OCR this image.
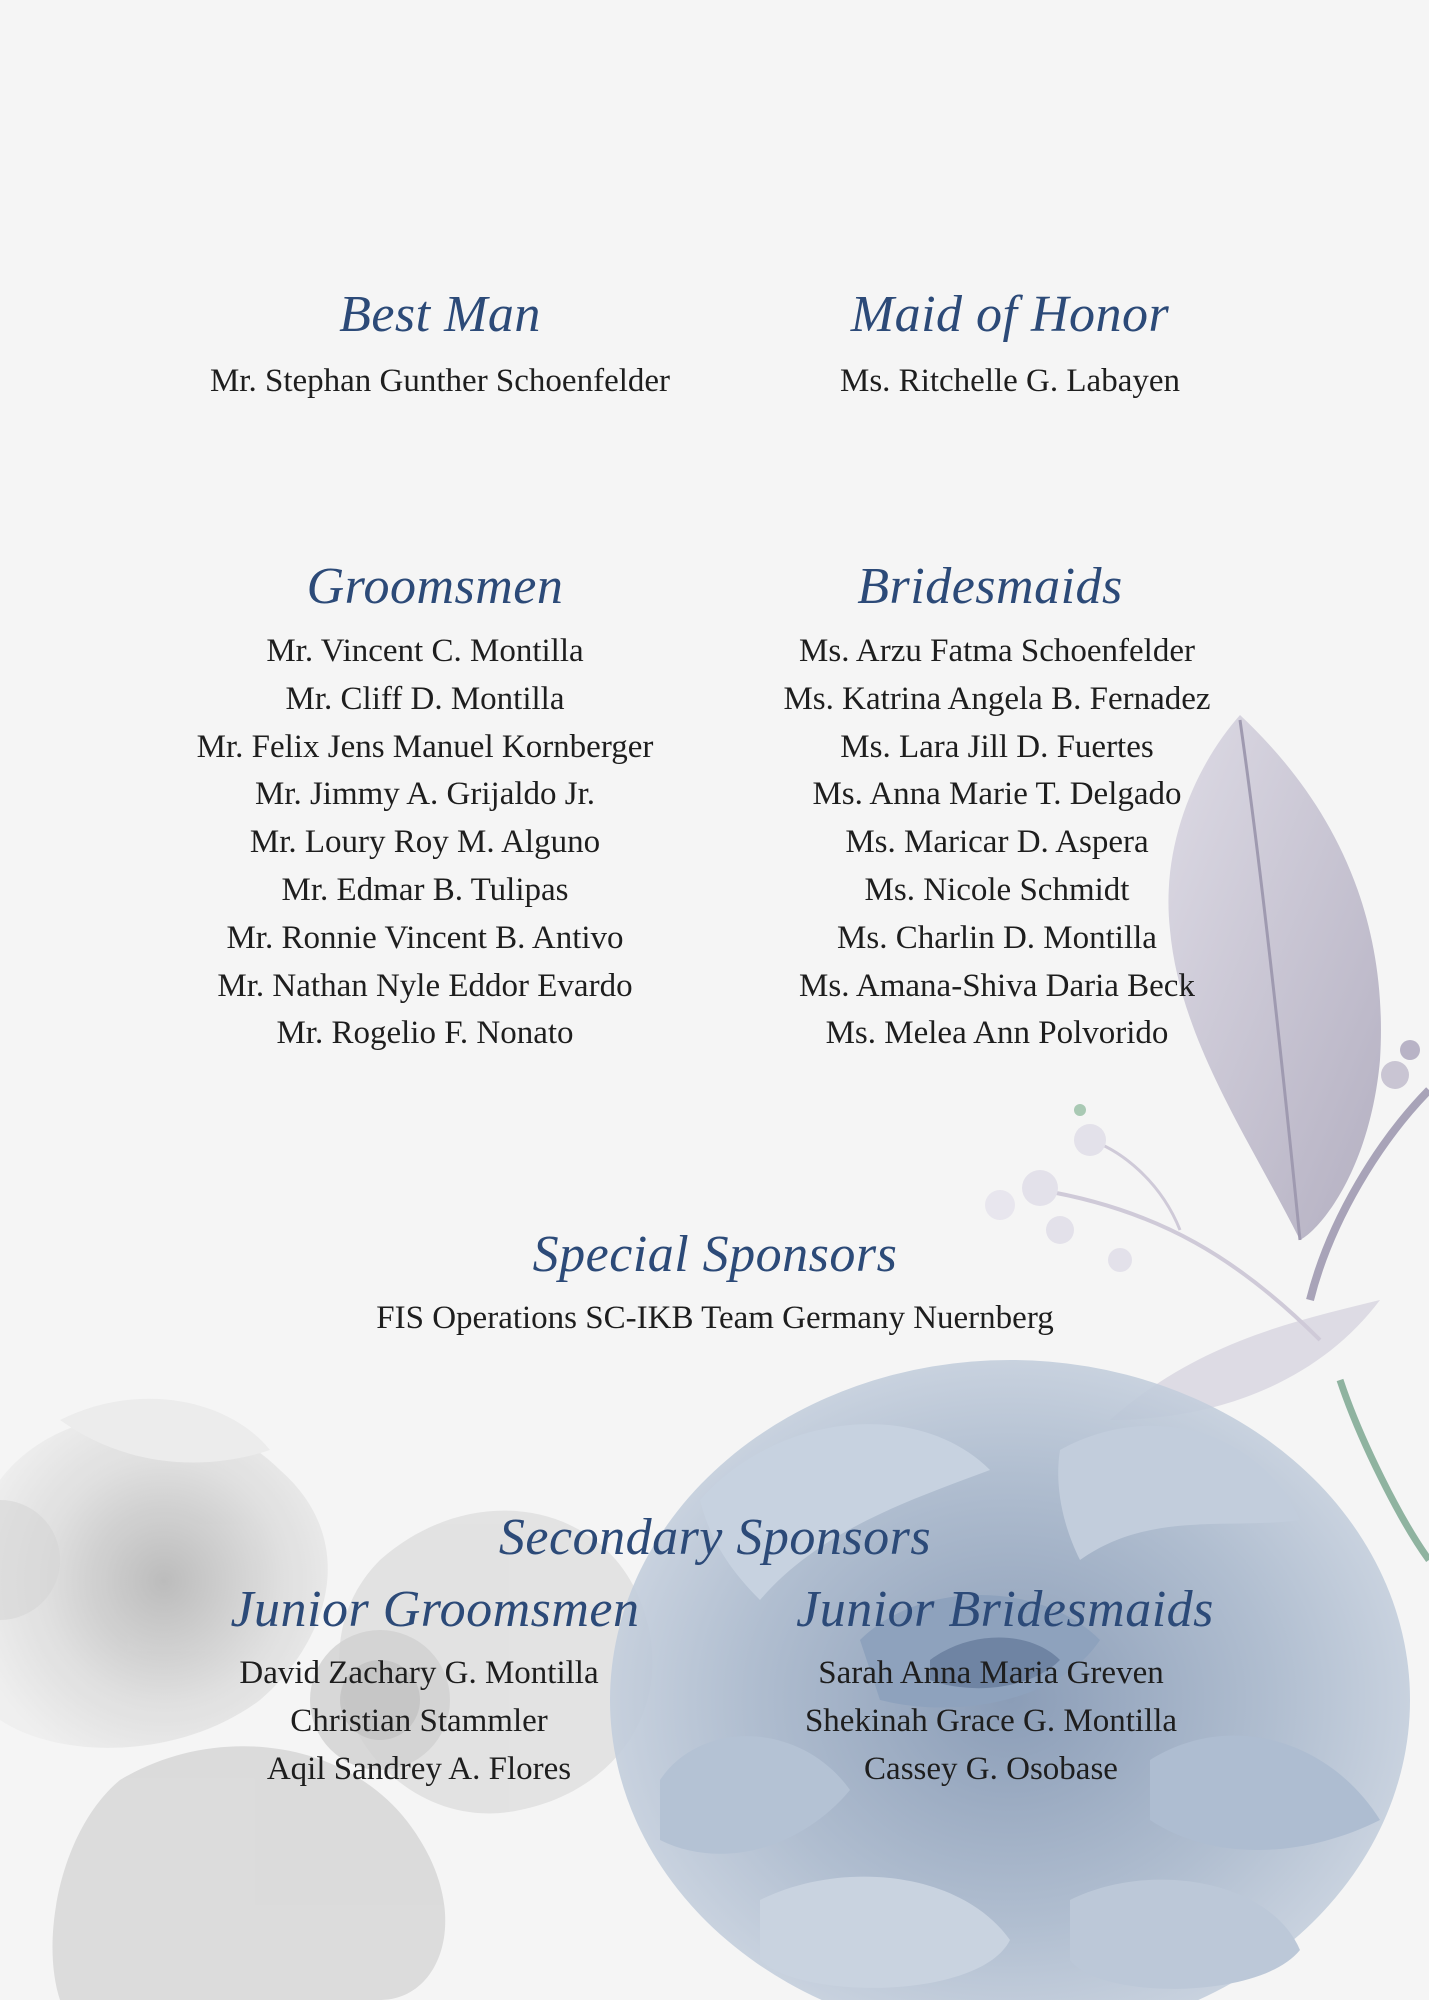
Best Man
Mr. Stephan Gunther Schoenfelder
Maid of Honor
Ms. Ritchelle G. Labayen
Groomsmen
Mr. Vincent C. Montilla
Mr. Cliff D. Montilla
Mr. Felix Jens Manuel Kornberger
Mr. Jimmy A. Grijaldo Jr.
Mr. Loury Roy M. Alguno
Mr. Edmar B. Tulipas
Mr. Ronnie Vincent B. Antivo
Mr. Nathan Nyle Eddor Evardo
Mr. Rogelio F. Nonato
Bridesmaids
Ms. Arzu Fatma Schoenfelder
Ms. Katrina Angela B. Fernadez
Ms. Lara Jill D. Fuertes
Ms. Anna Marie T. Delgado
Ms. Maricar D. Aspera
Ms. Nicole Schmidt
Ms. Charlin D. Montilla
Ms. Amana-Shiva Daria Beck
Ms. Melea Ann Polvorido
Special Sponsors
FIS Operations SC-IKB Team Germany Nuernberg
Secondary Sponsors
Junior Groomsmen
David Zachary G. Montilla
Christian Stammler
Aqil Sandrey A. Flores
Junior Bridesmaids
Sarah Anna Maria Greven
Shekinah Grace G. Montilla
Cassey G. Osobase
